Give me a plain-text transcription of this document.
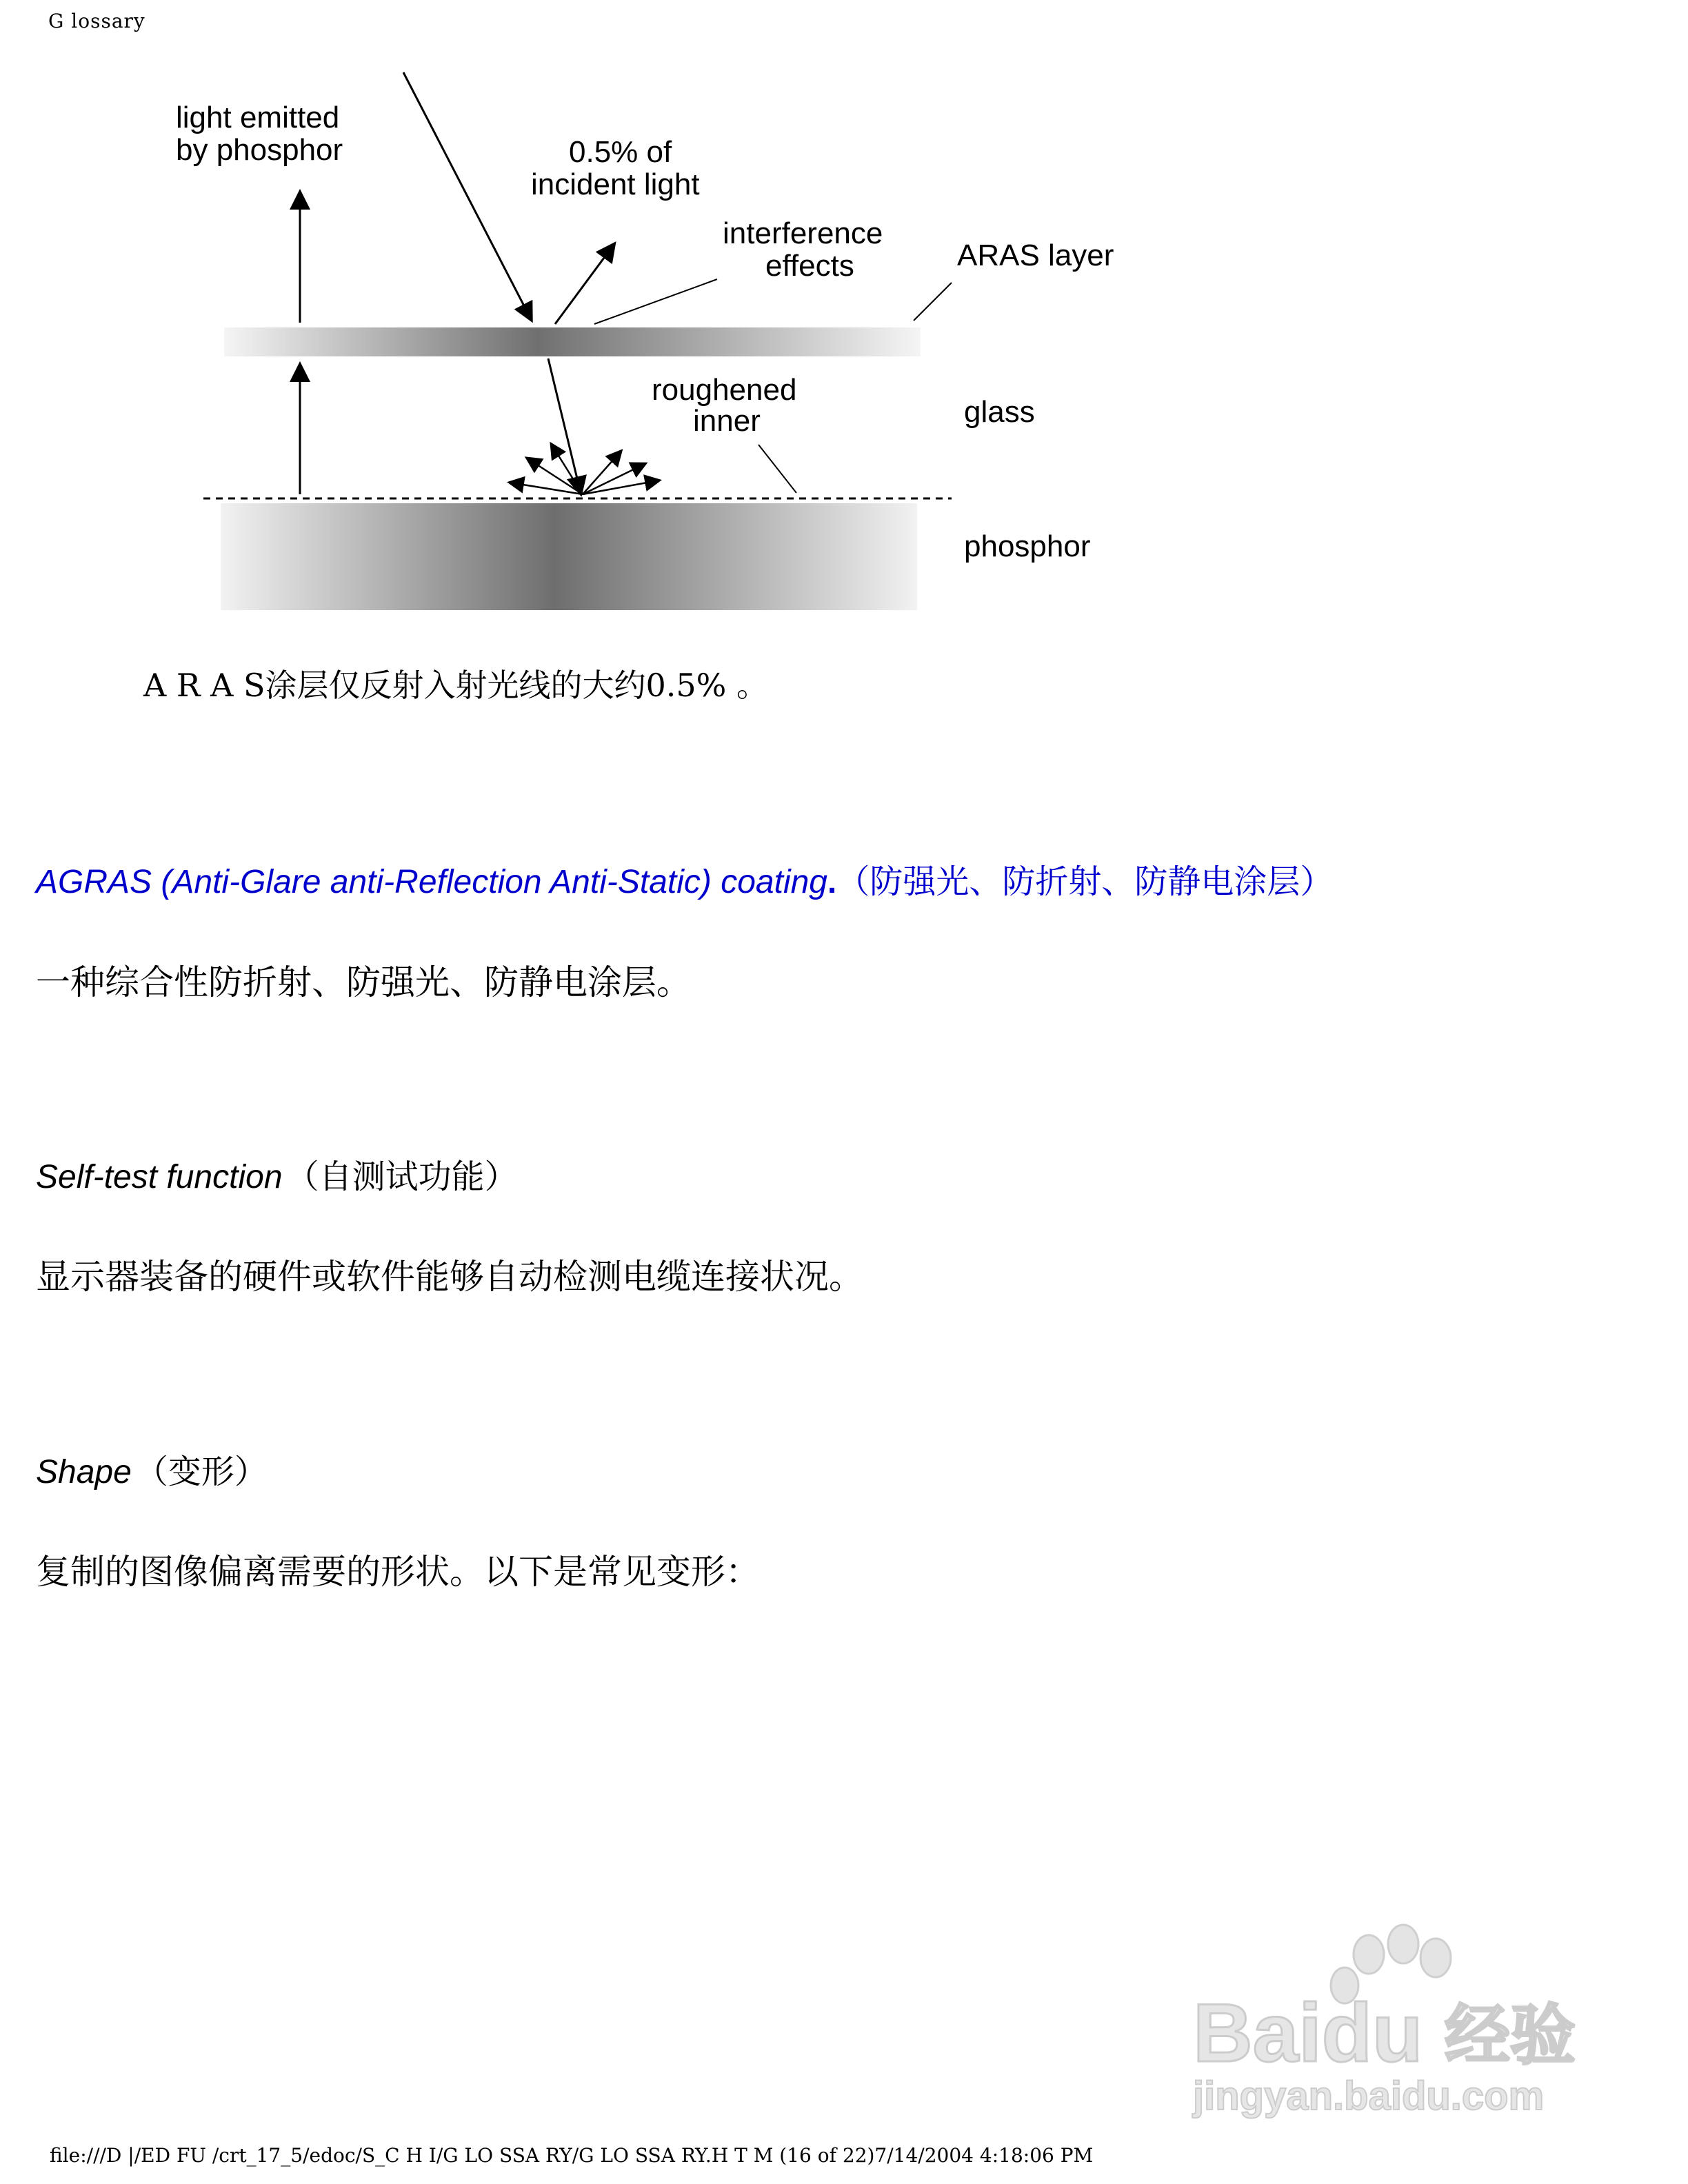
G lossary
light emitted
by phosphor	0.5% of
incident light
interference
effects	ARAS layer
roughened
inner	glass
phosphor
A R A S涂层仅反射入射光线的大约0.5% 。
AGRAS (Anti-Glare anti-Reflection Anti-Static) coating.（防强光、防折射、防静电涂层）
一种综合性防折射、防强光、防静电涂层。
Self-test function （自测试功能）
显示器装备的硬件或软件能够自动检测电缆连接状况。
Shape （变形）
复制的图像偏离需要的形状。以下是常见变形：
Baidu 经验
jingyan.baidu.com
file:///D |/ED FU /crt_17_5/edoc/S_C H I/G LO SSA RY/G LO SSA RY.H T M (16 of 22)7/14/2004 4:18:06 PM
